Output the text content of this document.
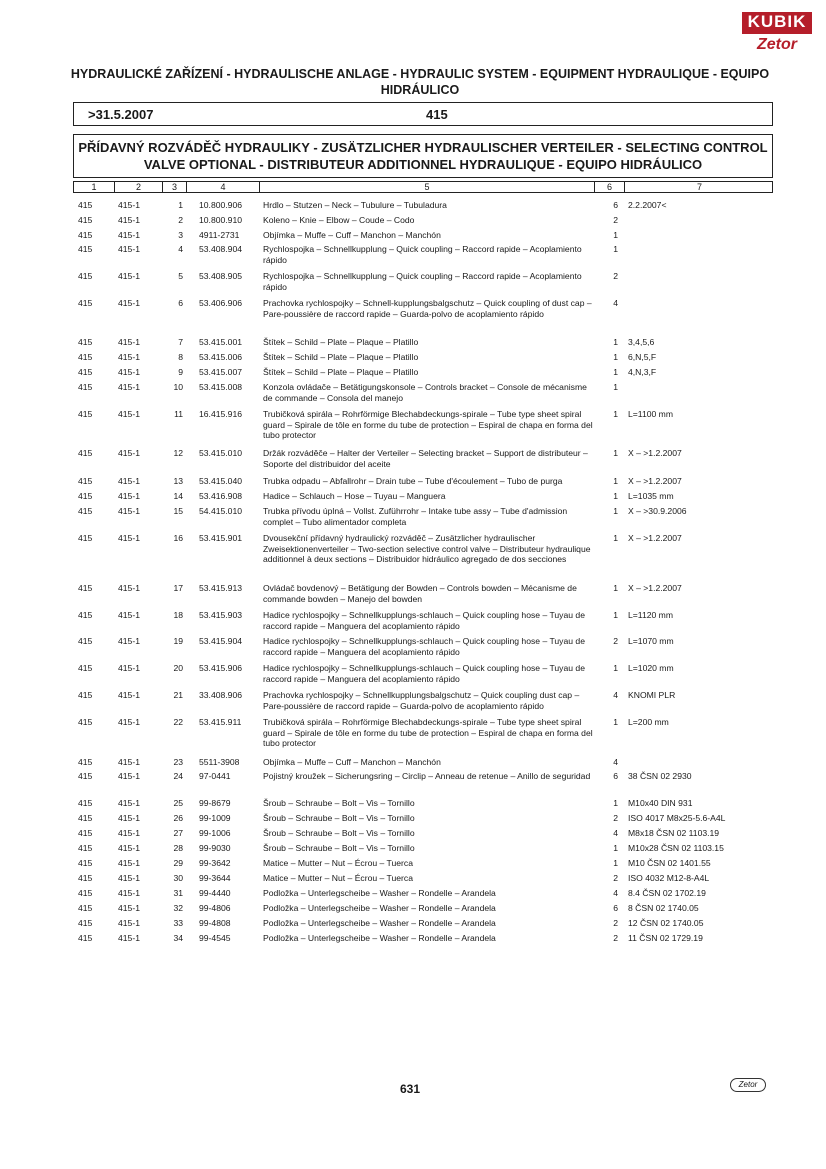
KUBIK
Zetor
HYDRAULICKÉ ZAŘÍZENÍ - HYDRAULISCHE ANLAGE - HYDRAULIC SYSTEM - EQUIPMENT HYDRAULIQUE - EQUIPO HIDRÁULICO
>31.5.2007	415
PŘÍDAVNÝ ROZVÁDĚČ HYDRAULIKY - ZUSÄTZLICHER HYDRAULISCHER VERTEILER - SELECTING CONTROL VALVE OPTIONAL - DISTRIBUTEUR ADDITIONNEL HYDRAULIQUE - EQUIPO HIDRÁULICO
1	2	3	4	5	6	7
415	415-1	1 10.800.906 Hrdlo – Stutzen – Neck – Tubulure – Tubuladura	6 2.2.2007<
415	415-1	2 10.800.910 Koleno – Knie – Elbow – Coude – Codo	2
415	415-1	3 4911-2731	Objímka – Muffe – Cuff – Manchon – Manchón	1
415	415-1	4 53.408.904 Rychlospojka – Schnellkupplung – Quick coupling – Raccord rapide – Acoplamiento rápido
1
415	415-1	5 53.408.905 Rychlospojka – Schnellkupplung – Quick coupling – Raccord rapide – Acoplamiento rápido
2
415	415-1	6 53.406.906 Prachovka rychlospojky – Schnell-kupplungsbalgschutz – Quick coupling of dust cap – Pare-poussière de raccord rapide – Guarda-polvo de acoplamiento rápido
4
415	415-1	7 53.415.001 Štítek – Schild – Plate – Plaque – Platillo	1 3,4,5,6
415	415-1	8 53.415.006 Štítek – Schild – Plate – Plaque – Platillo	1 6,N,5,F
415	415-1	9 53.415.007 Štítek – Schild – Plate – Plaque – Platillo	1 4,N,3,F
415	415-1	10 53.415.008 Konzola ovládače – Betätigungskonsole – Controls bracket – Console de mécanisme de commande – Consola del manejo
1
415	415-1	11 16.415.916 Trubičková spirála – Rohrförmige Blechabdeckungs-spirale – Tube type sheet spiral guard – Spirale de tôle en forme du tube de protection – Espiral de chapa en forma del tubo protector
1 L=1100 mm
415	415-1	12 53.415.010 Držák rozváděče – Halter der Verteiler – Selecting bracket – Support de distributeur – Soporte del distribuidor del aceite
1 X – >1.2.2007
415	415-1	13 53.415.040 Trubka odpadu – Abfallrohr – Drain tube – Tube d'écoulement – Tubo de purga	1 X – >1.2.2007
415	415-1	14 53.416.908 Hadice – Schlauch – Hose – Tuyau – Manguera	1 L=1035 mm
415	415-1	15 54.415.010 Trubka přívodu úplná – Vollst. Zuführrohr – Intake tube assy – Tube d'admission complet – Tubo alimentador completa
1 X – >30.9.2006
415	415-1	16 53.415.901 Dvousekční přídavný hydraulický rozváděč – Zusätzlicher hydraulischer Zweisektionenverteiler – Two-section selective control valve – Distributeur hydraulique additionnel à deux sections – Distribuidor hidráulico agregado de dos secciones
1 X – >1.2.2007
415	415-1	17 53.415.913 Ovládač bovdenový – Betätigung der Bowden – Controls bowden – Mécanisme de commande bowden – Manejo del bowden
1 X – >1.2.2007
415	415-1	18 53.415.903 Hadice rychlospojky – Schnellkupplungs-schlauch – Quick coupling hose – Tuyau de raccord rapide – Manguera del acoplamiento rápido
1 L=1120 mm
415	415-1	19 53.415.904 Hadice rychlospojky – Schnellkupplungs-schlauch – Quick coupling hose – Tuyau de raccord rapide – Manguera del acoplamiento rápido
2 L=1070 mm
415	415-1	20 53.415.906 Hadice rychlospojky – Schnellkupplungs-schlauch – Quick coupling hose – Tuyau de raccord rapide – Manguera del acoplamiento rápido
1 L=1020 mm
415	415-1	21 33.408.906 Prachovka rychlospojky – Schnellkupplungsbalgschutz – Quick coupling dust cap – Pare-poussière de raccord rapide – Guarda-polvo de acoplamiento rápido
4 KNOMI PLR
415	415-1	22 53.415.911	Trubičková spirála – Rohrförmige Blechabdeckungs-spirale – Tube type sheet spiral guard – Spirale de tôle en forme du tube de protection – Espiral de chapa en forma del tubo protector
1 L=200 mm
415	415-1	23 5511-3908	Objímka – Muffe – Cuff – Manchon – Manchón	4
415	415-1	24 97-0441	Pojistný kroužek – Sicherungsring – Circlip – Anneau de retenue – Anillo de seguridad	6 38 ČSN 02 2930
415	415-1	25 99-8679	Šroub – Schraube – Bolt – Vis – Tornillo	1 M10x40 DIN 931
415	415-1	26 99-1009	Šroub – Schraube – Bolt – Vis – Tornillo	2 ISO 4017 M8x25-5.6-A4L
415	415-1	27 99-1006	Šroub – Schraube – Bolt – Vis – Tornillo	4 M8x18 ČSN 02 1103.19
415	415-1	28 99-9030	Šroub – Schraube – Bolt – Vis – Tornillo	1 M10x28 ČSN 02 1103.15
415	415-1	29 99-3642	Matice – Mutter – Nut – Écrou – Tuerca	1 M10 ČSN 02 1401.55
415	415-1	30 99-3644	Matice – Mutter – Nut – Écrou – Tuerca	2 ISO 4032 M12-8-A4L
415	415-1	31 99-4440	Podložka – Unterlegscheibe – Washer – Rondelle – Arandela	4 8.4 ČSN 02 1702.19
415	415-1	32 99-4806	Podložka – Unterlegscheibe – Washer – Rondelle – Arandela	6 8 ČSN 02 1740.05
415	415-1	33 99-4808	Podložka – Unterlegscheibe – Washer – Rondelle – Arandela	2 12 ČSN 02 1740.05
415	415-1	34 99-4545	Podložka – Unterlegscheibe – Washer – Rondelle – Arandela	2 11 ČSN 02 1729.19
631	Zetor
